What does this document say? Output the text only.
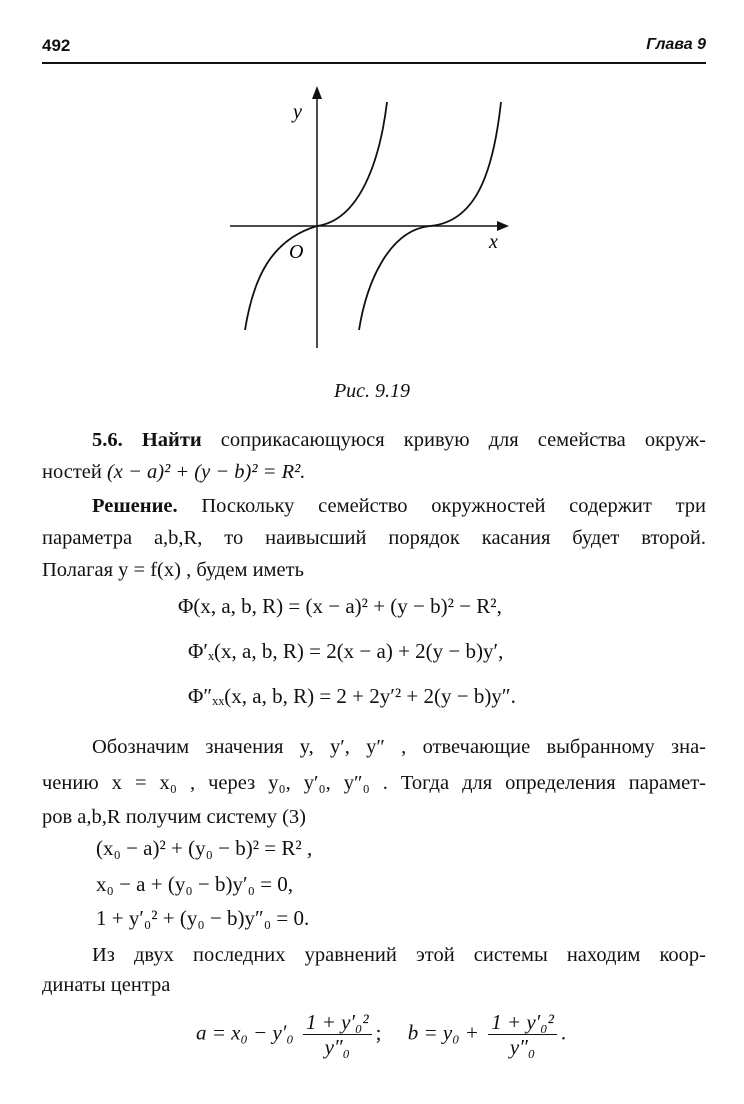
492	Глава 9
y
x
O
Рис. 9.19
5.6. Найти соприкасающуюся кривую для семейства окруж-
ностей (x − a)² + (y − b)² = R².
Решение. Поскольку семейство окружностей содержит три
параметра a,b,R, то наивысший порядок касания будет второй.
Полагая y = f(x) , будем иметь
Φ(x, a, b, R) = (x − a)² + (y − b)² − R²,
Φ′ₓ(x, a, b, R) = 2(x − a) + 2(y − b)y′,
Φ″ₓₓ(x, a, b, R) = 2 + 2y′² + 2(y − b)y″.
Обозначим значения y, y′, y″ , отвечающие выбранному зна-
чению x = x₀ , через y₀, y′₀, y″₀ . Тогда для определения парамет-
ров a,b,R получим систему (3)
(x₀ − a)² + (y₀ − b)² = R² ,
x₀ − a + (y₀ − b)y′₀ = 0,
1 + y′₀² + (y₀ − b)y″₀ = 0.
Из двух последних уравнений этой системы находим коор-
динаты центра
$a = x_0 - y'_0 \frac{\text{1 + y′₀²}}{\text{y″₀}}$ ; $b = y_0 + \frac{\text{1 + y′₀²}}{\text{y″₀}}$ .
